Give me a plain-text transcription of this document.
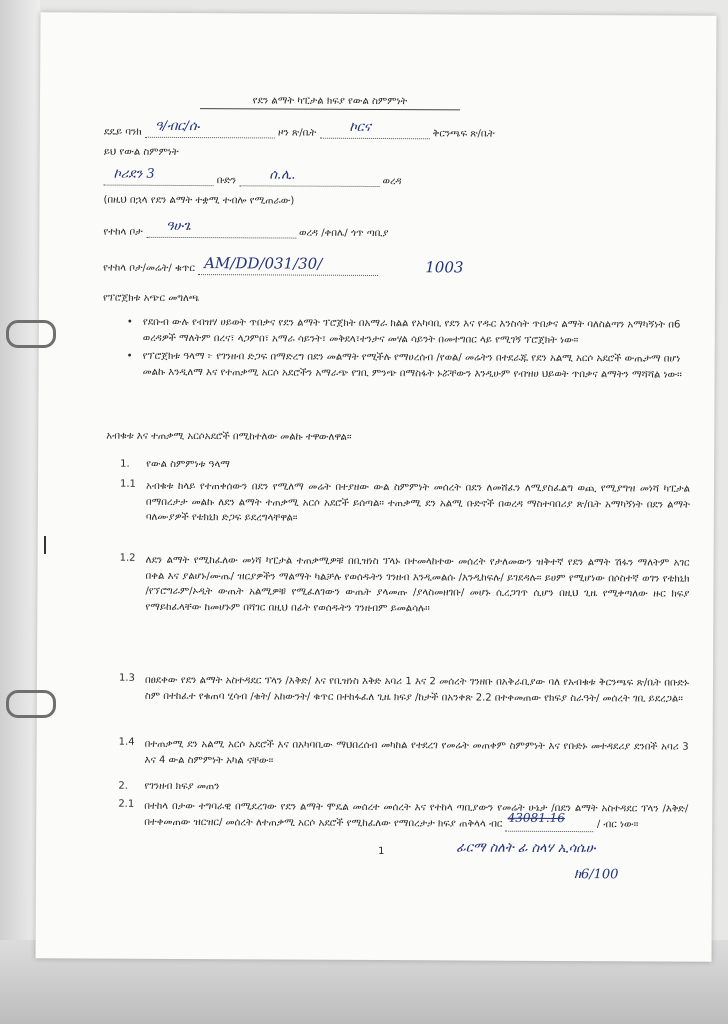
የደን ልማት ካፒታል ክፍያ የውል ስምምነት
ደዴይ ባንክ ዓ/ብር/ሱ	ዞን ጽ/ቤት	ኮርና	ቅርንጫፍ ጽ/ቤት
ይህ የውል ስምምነት
ኮሪደን 3	ቡድን	ሰ.ሊ.	ወረዳ
(በዚህ በኋላ የደን ልማት ተቋሚ ተብሎ የሚጠራው)
የተከላ ቦታ ዓሁጌ	ወረዳ /ቀበሌ/ ጎጥ ጣቢያ
የተከላ ቦታ/መሬት/ ቁጥር AM/DD/031/30/	1003
የፕሮጀክቱ አጭር መግለጫ
• የደቡብ ውሉ የብዝሃ ሀይወት ጥበቃና የደን ልማት ፕሮጀክት በአማራ ክልል የአካባቢ የደን እና የዱር እንስሳት ጥበቃና ልማት ባለስልጣን አማካኝነት በ6 ወረዳዎች ማለትም በረና፣ ላጋምበ፣ አማራ ሳይንት፣ መቅደላ፣ተንታና መሃል ሳይንት በመተግበር ላይ የሚገኝ ፕሮጀክት ነው።
• የፕሮጀክቱ ዓላማ ፦ የገንዘብ ድጋፍ በማድረግ በደን መልማት የሚችሉ የማሀረሰብ /የወል/ መሬትን በተደራጁ የደን አልሚ አርሶ አደሮች ውጤታማ በሆነ መልኩ እንዲለማ እና የተጠቃሚ አርሶ አደሮችን አማራጭ የገቢ ምንጭ በማስፋት ኑሯቸውን እንዲሁም የብዝሀ ህይወት ጥበቃና ልማትን ማሻሻል ነው።
አብቁቱ እና ተጠቃሚ አርሶአደሮች በሚከተለው መልኩ ተዋውለዋል።
1. የውል ስምምነቱ ዓላማ
1.1 አብቁቱ ከላይ የተጠቀሰውን በደን የሚለማ መሬት በተያዘው ውል ስምምነት መሰረት በደን ለመሸፈን ለሚያስፈልግ ወጪ የሚያግዝ መነሻ ካፒታል በማበረታታ መልኩ ለደን ልማት ተጠቃሚ አርሶ አደሮች ይሰጣል። ተጠቃሚ ደን አልሚ ቡድኖች በወረዳ ማስተባበሪያ ጽ/ቤት አማካኝነት በደን ልማት ባለሙያዎች የቴክኒክ ድጋፍ ይደረግላቸዋል።
1.2 ለደን ልማት የሚከፈለው መነሻ ካፒታል ተጠቃሚዎቹ በቢዝነስ ፕላኑ በተመላከተው መሰረት የታለመውን ዝቅተኛ የደን ልማት ሽፋን ማለትም አገር በቀል እና ያልሆኑ/ሙጤ/ ዝርያዎችን ማልማት ካልቻሉ የወሰዱትን ገንዘብ እንዲመልሱ /እንዲከፍሉ/ ይገደዳሉ። ይሀም የሚሆነው በሶስተኛ ወገን የቴክኒክ /የኘሮግራም/ኦዲት ውጤት አልሚዎቹ የሚፈለገውን ውጤት ያላመጡ /ያላስመዘገቡ/ መሆኑ ሲረጋገጥ ሲሆን በዚህ ጊዜ የሚቀጣለው ዙር ክፍያ የማይከፈላቸው ከመሆኑም በሻገር በዚህ በፊት የወሰዱትን ገንዘብም ይመልሳሉ።
1.3 በፀደቀው የደን ልማት አስተዳደር ፕላን /እቅድ/ እና የቢዝነስ እቅድ አባሪ 1 እና 2 መሰረት ገንዘቡ በአቅራቢያው ባለ የአብቁቱ ቅርንጫፍ ጽ/ቤት በቡድኑ ስም በተከፈተ የቁጠባ ሂሳብ /ቁት/ አከውንት/ ቁጥር በተከፋፈለ ጊዜ ክፍያ /ከታች በአንቀጽ 2.2 በተቀመጠው የክፍያ ስራዓት/ መሰረት ገቢ ይደረጋል።
1.4 በተጠቃሚ ደን አልሚ አርሶ አደሮች እና በአካባቢው ማህበረሰብ መካከል የተደረገ የመሬት መጠቀም ስምምነት እና የቡድኑ መተዳደሪያ ደንበች አባሪ 3 እና 4 ውል ስምምነት አካል ናቸው።
2. የገንዘብ ክፍያ መጠን
2.1 በተከላ በታው ተግባራዊ በሚደረገው የደን ልማት ሞዴል መሰረተ መሰረት እና የተከላ ጣቢያውን የመሬት ሁኔታ /በደን ልማት አስተዳደር ፕላን /እቅድ/ በተቀመጠው ዝርዝር/ መሰረት ለተጠቃሚ አርሶ አደሮች የሚከፈለው የማበረታታ ክፍያ ጠቅላላ ብር 43081.16	/ ብር ነው።
1	ፊርማ ስለት ፊ ስላሃ ኢሳሴሁ
ክ6/100
